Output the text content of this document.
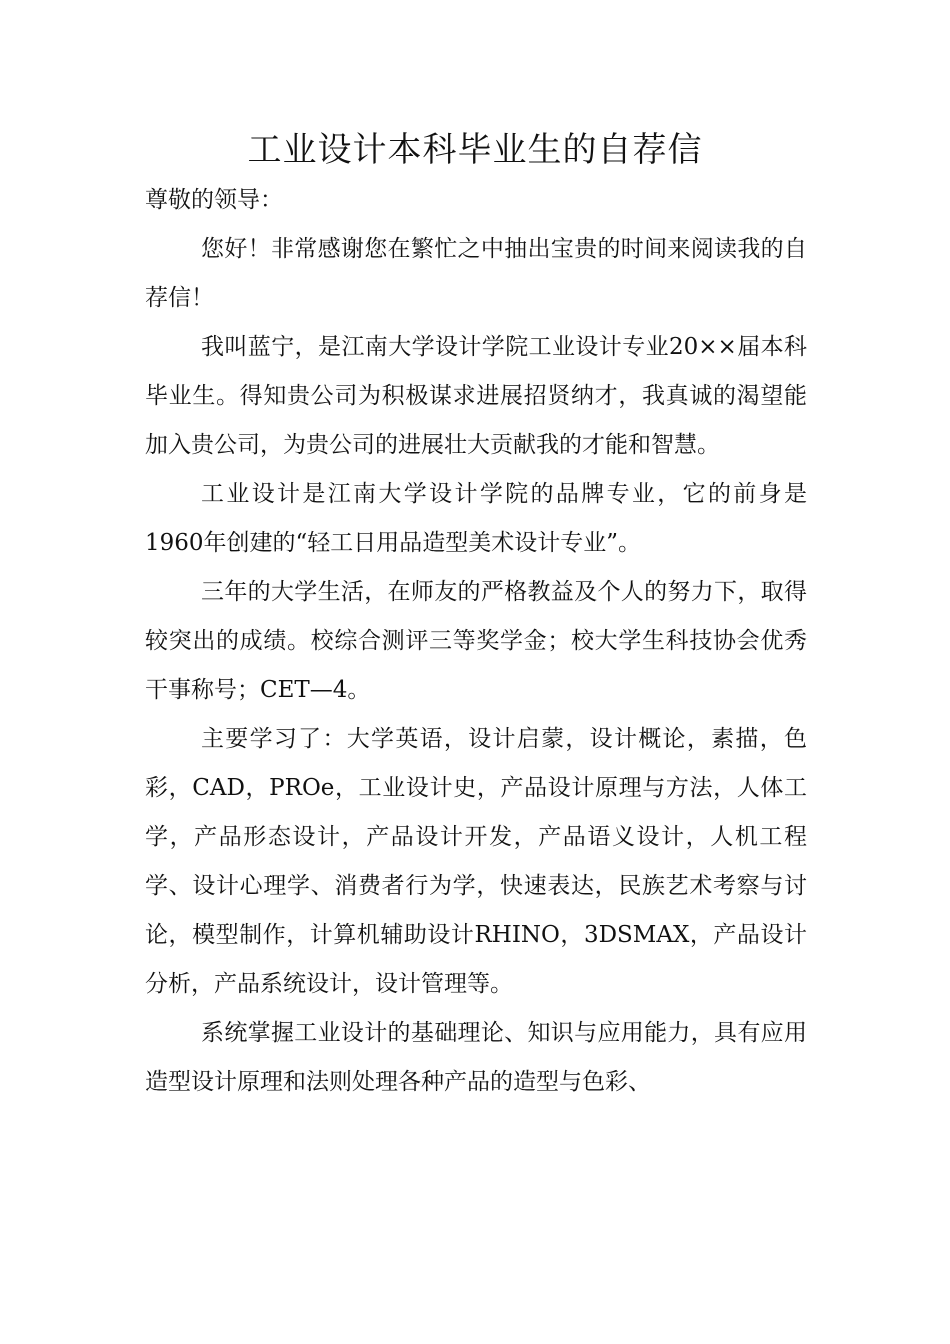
工业设计本科毕业生的自荐信

尊敬的领导：

您好！非常感谢您在繁忙之中抽出宝贵的时间来阅读我的自荐信！

我叫蓝宁，是江南大学设计学院工业设计专业20××届本科毕业生。得知贵公司为积极谋求进展招贤纳才，我真诚的渴望能加入贵公司，为贵公司的进展壮大贡献我的才能和智慧。

工业设计是江南大学设计学院的品牌专业，它的前身是1960年创建的“轻工日用品造型美术设计专业”。

三年的大学生活，在师友的严格教益及个人的努力下，取得较突出的成绩。校综合测评三等奖学金；校大学生科技协会优秀干事称号；CET—4。

主要学习了：大学英语，设计启蒙，设计概论，素描，色彩，CAD，PROe，工业设计史，产品设计原理与方法，人体工学，产品形态设计，产品设计开发，产品语义设计，人机工程学、设计心理学、消费者行为学，快速表达，民族艺术考察与讨论，模型制作，计算机辅助设计RHINO，3DSMAX，产品设计分析，产品系统设计，设计管理等。

系统掌握工业设计的基础理论、知识与应用能力，具有应用造型设计原理和法则处理各种产品的造型与色彩、
